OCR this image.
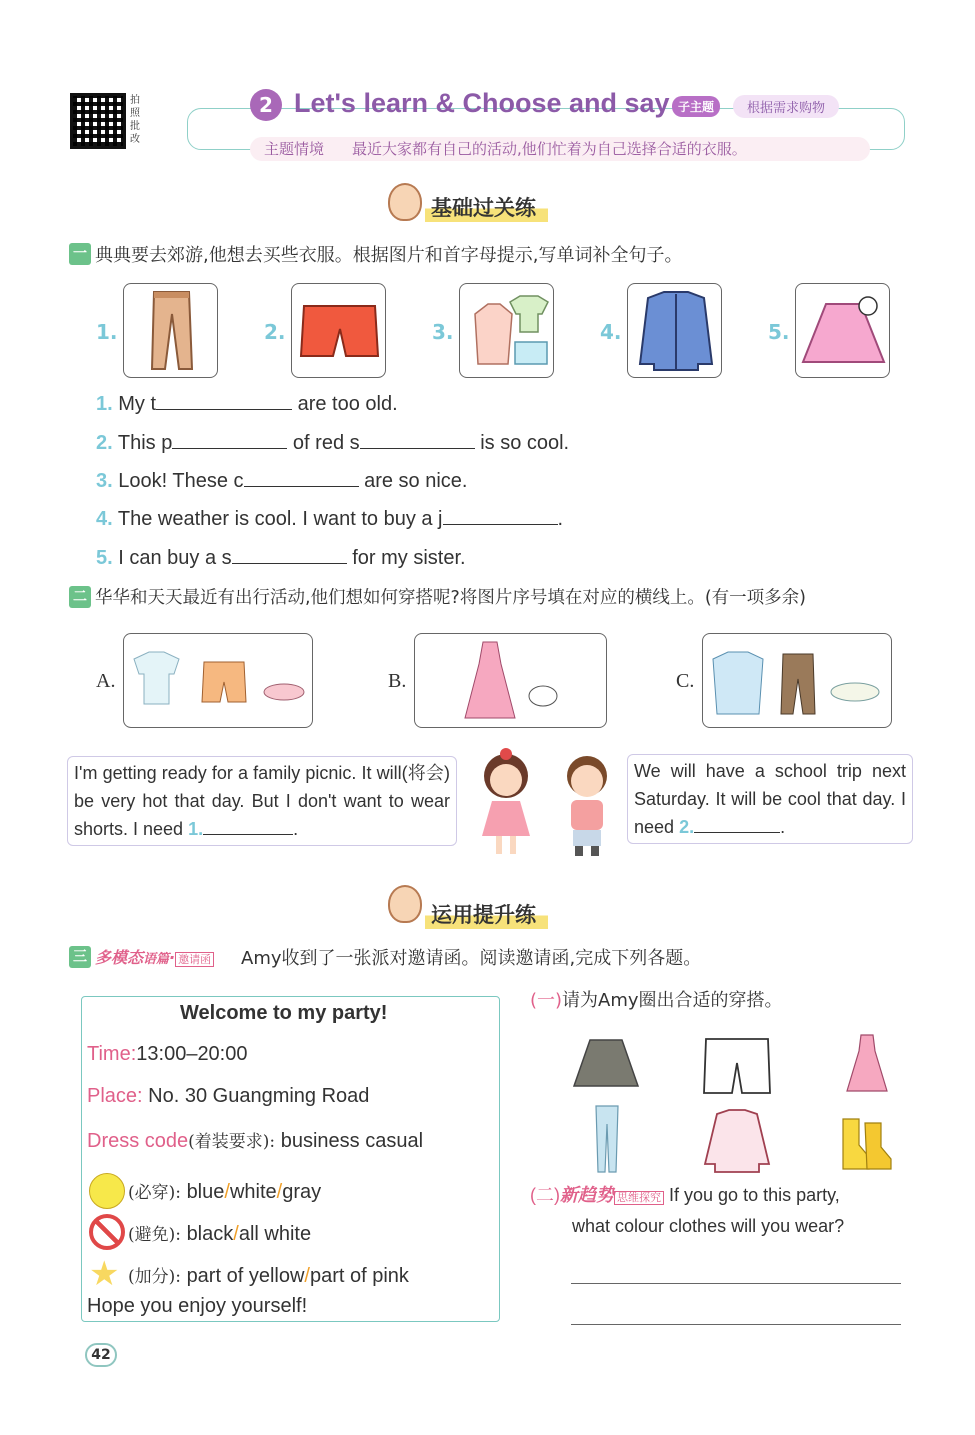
拍照批改
2 Let's learn & Choose and say 子主题	根据需求购物
主题情境 最近大家都有自己的活动,他们忙着为自己选择合适的衣服。
基础过关练
一 典典要去郊游,他想去买些衣服。根据图片和首字母提示,写单词补全句子。
1.	2.	3.	4.	5.
1. My t	are too old.
2. This p	of red s	is so cool.
3. Look! These c	are so nice.
4. The weather is cool. I want to buy a j	.
5. I can buy a s	for my sister.
二 华华和天天最近有出行活动,他们想如何穿搭呢?将图片序号填在对应的横线上。(有一项多余)
A.	B.	C.
I'm getting ready for a family picnic. It will(将会) be very hot that day. But I don't want to wear shorts. I need 1.	.
We will have a school trip next Saturday. It will be cool that day. I need 2.	.
运用提升练
三 多模态语篇· 邀请函 Amy收到了一张派对邀请函。阅读邀请函,完成下列各题。
Welcome to my party!
Time:13:00–20:00
Place: No. 30 Guangming Road
Dress code(着装要求): business casual
(必穿): blue/white/gray
(避免): black/all white
★ (加分): part of yellow/part of pink
Hope you enjoy yourself!
(一)请为Amy圈出合适的穿搭。
(二)新趋势 思维探究 If you go to this party,
what colour clothes will you wear?
42
